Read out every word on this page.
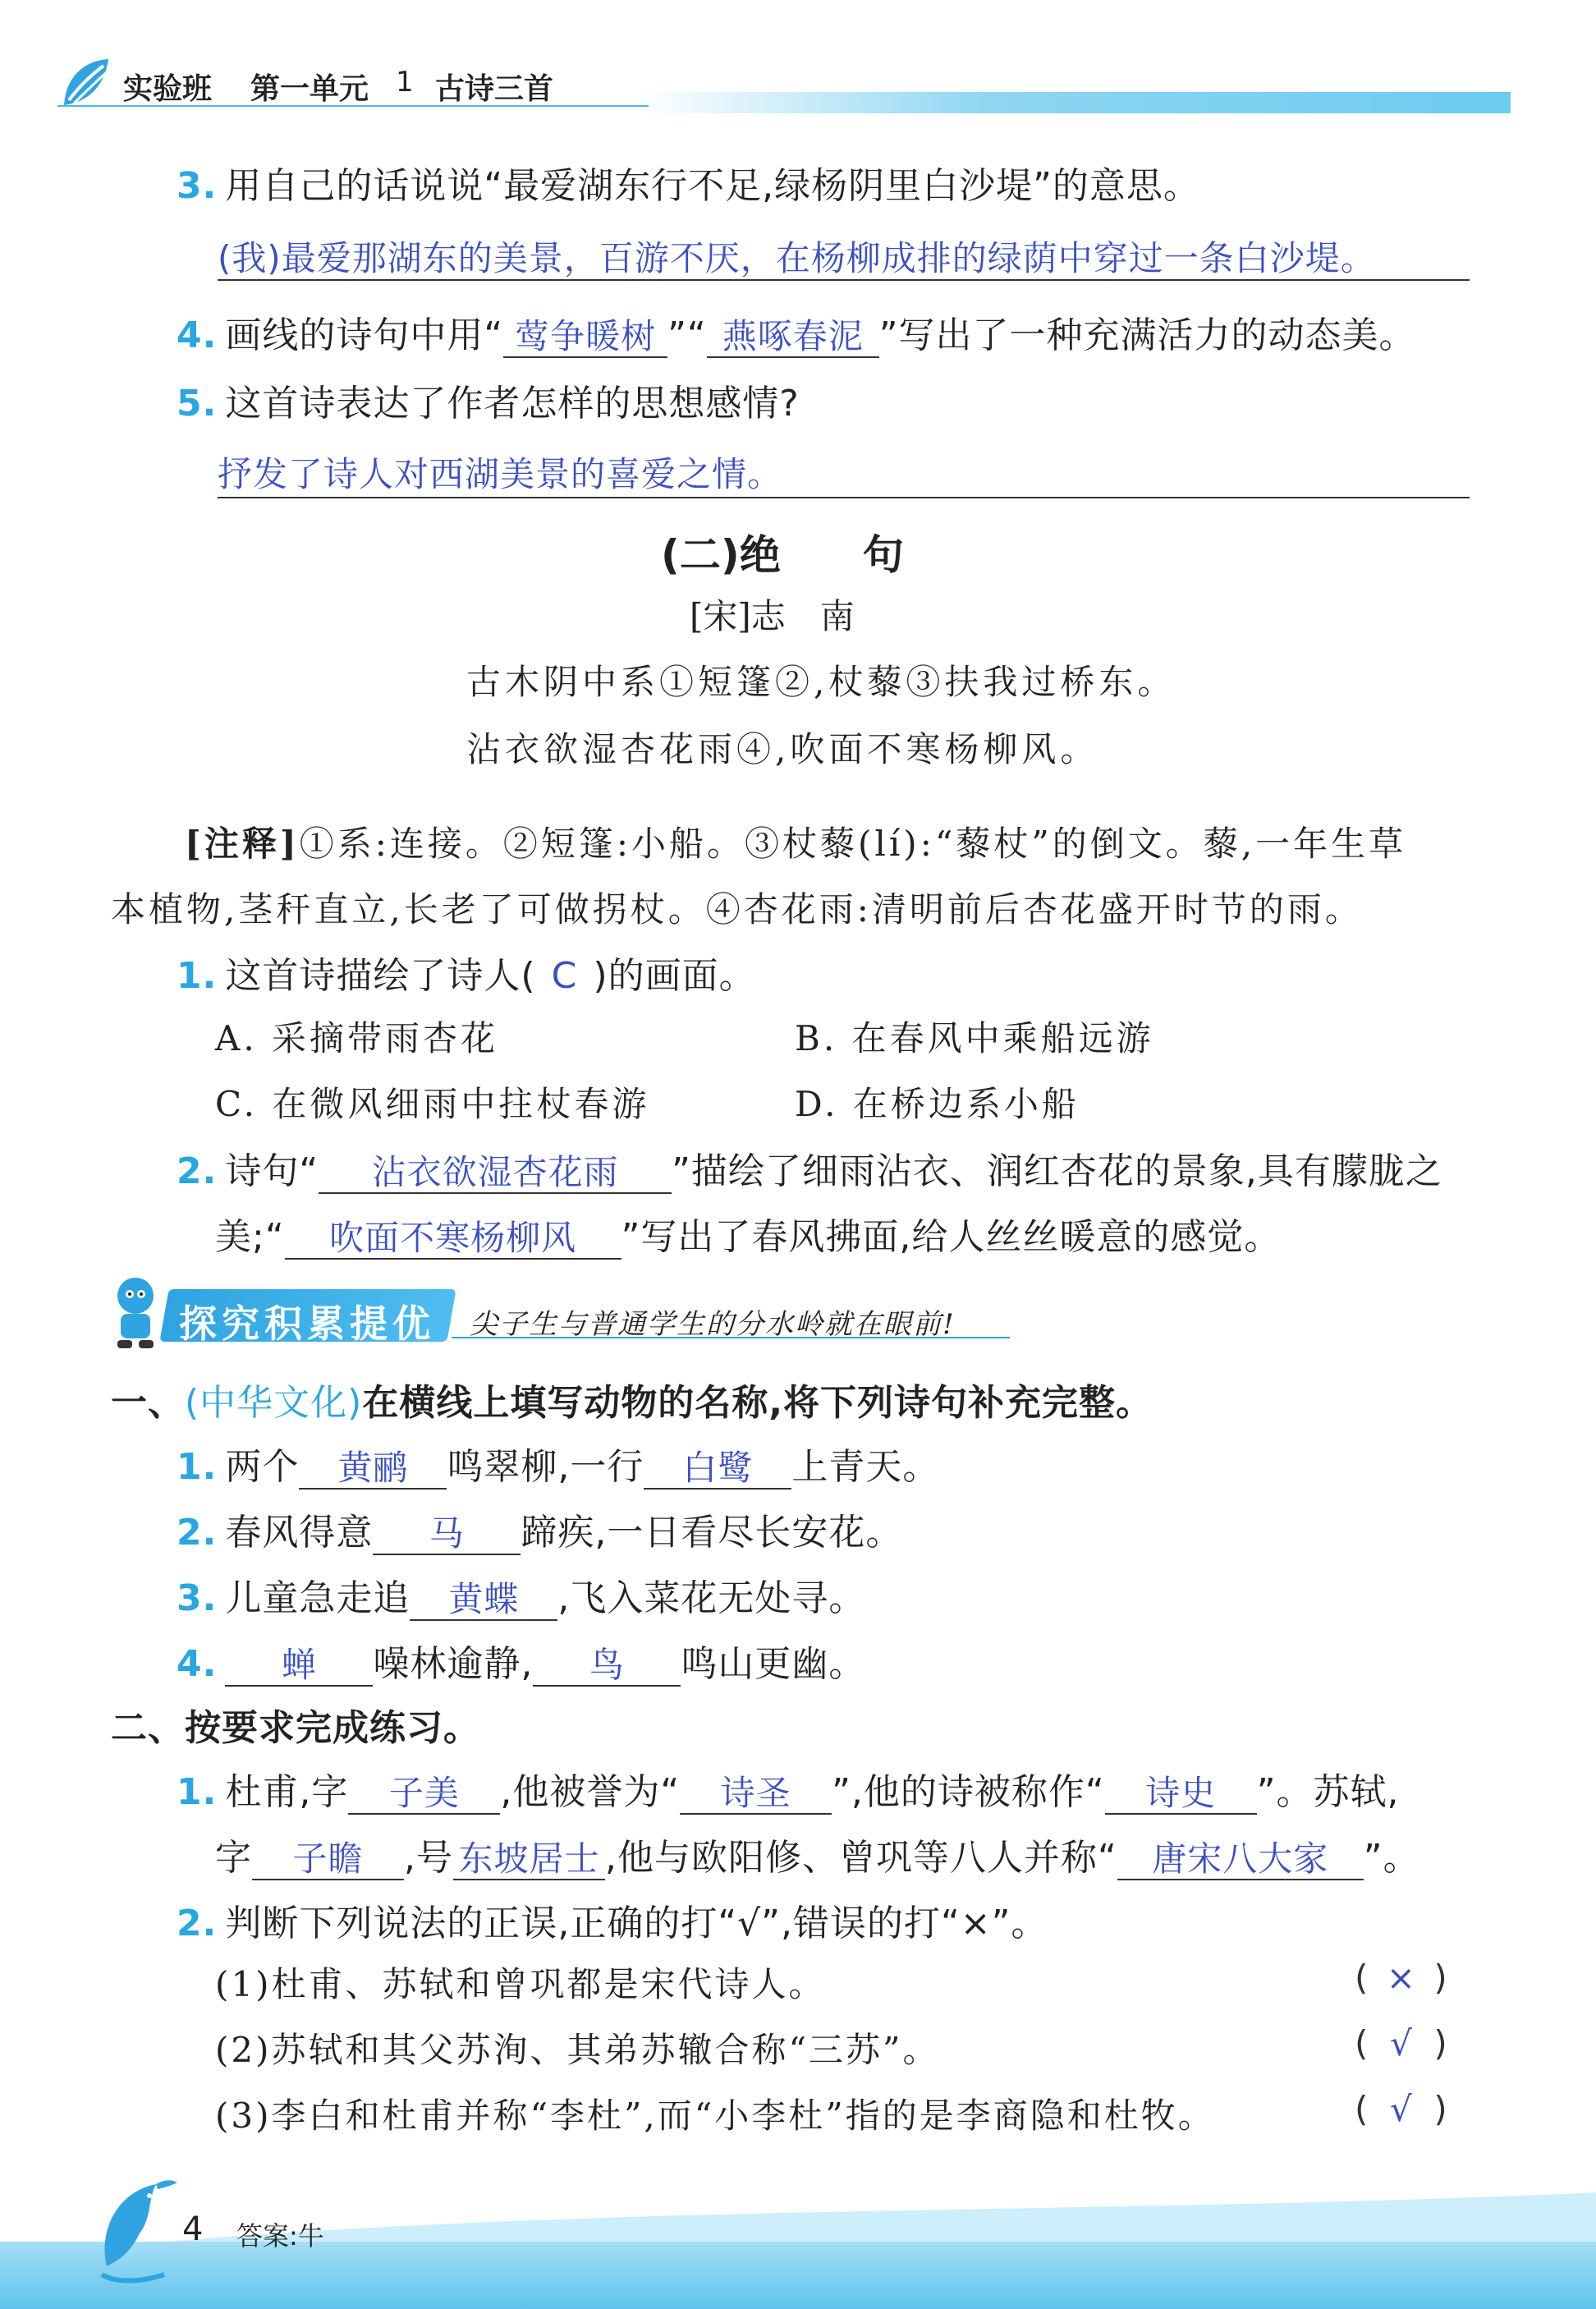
实验班 第一单元 1 古诗三首
3. 用自己的话说说“最爱湖东行不足,绿杨阴里白沙堤”的意思。
(我)最爱那湖东的美景，百游不厌，在杨柳成排的绿荫中穿过一条白沙堤。
4. 画线的诗句中用“ 莺争暖树 ”“ 燕啄春泥 ”写出了一种充满活力的动态美。
5. 这首诗表达了作者怎样的思想感情?
抒发了诗人对西湖美景的喜爱之情。
(二)绝　　句
[宋]志　南
古木阴中系①短篷②,杖藜③扶我过桥东。
沾衣欲湿杏花雨④,吹面不寒杨柳风。
[注释]①系:连接。②短篷:小船。③杖藜(lí):“藜杖”的倒文。藜,一年生草
本植物,茎秆直立,长老了可做拐杖。④杏花雨:清明前后杏花盛开时节的雨。
1. 这首诗描绘了诗人( C )的画面。
A. 采摘带雨杏花	B. 在春风中乘船远游
C. 在微风细雨中拄杖春游	D. 在桥边系小船
2. 诗句“ 沾衣欲湿杏花雨 ”描绘了细雨沾衣、润红杏花的景象,具有朦胧之
美;“ 吹面不寒杨柳风 ”写出了春风拂面,给人丝丝暖意的感觉。
探究积累提优 尖子生与普通学生的分水岭就在眼前!
一、(中华文化)在横线上填写动物的名称,将下列诗句补充完整。
1. 两个 黄鹂 鸣翠柳,一行 白鹭 上青天。
2. 春风得意 马 蹄疾,一日看尽长安花。
3. 儿童急走追 黄蝶 ,飞入菜花无处寻。
4. 蝉 噪林逾静, 鸟 鸣山更幽。
二、按要求完成练习。
1. 杜甫,字 子美 ,他被誉为“ 诗圣 ”,他的诗被称作“ 诗史 ”。苏轼,
字 子瞻 ,号 东坡居士 ,他与欧阳修、曾巩等八人并称“ 唐宋八大家 ”。
2. 判断下列说法的正误,正确的打“√”,错误的打“×”。
(1)杜甫、苏轼和曾巩都是宋代诗人。	( × )
(2)苏轼和其父苏洵、其弟苏辙合称“三苏”。	( √ )
(3)李白和杜甫并称“李杜”,而“小李杜”指的是李商隐和杜牧。	( √ )
4 答案:牛
